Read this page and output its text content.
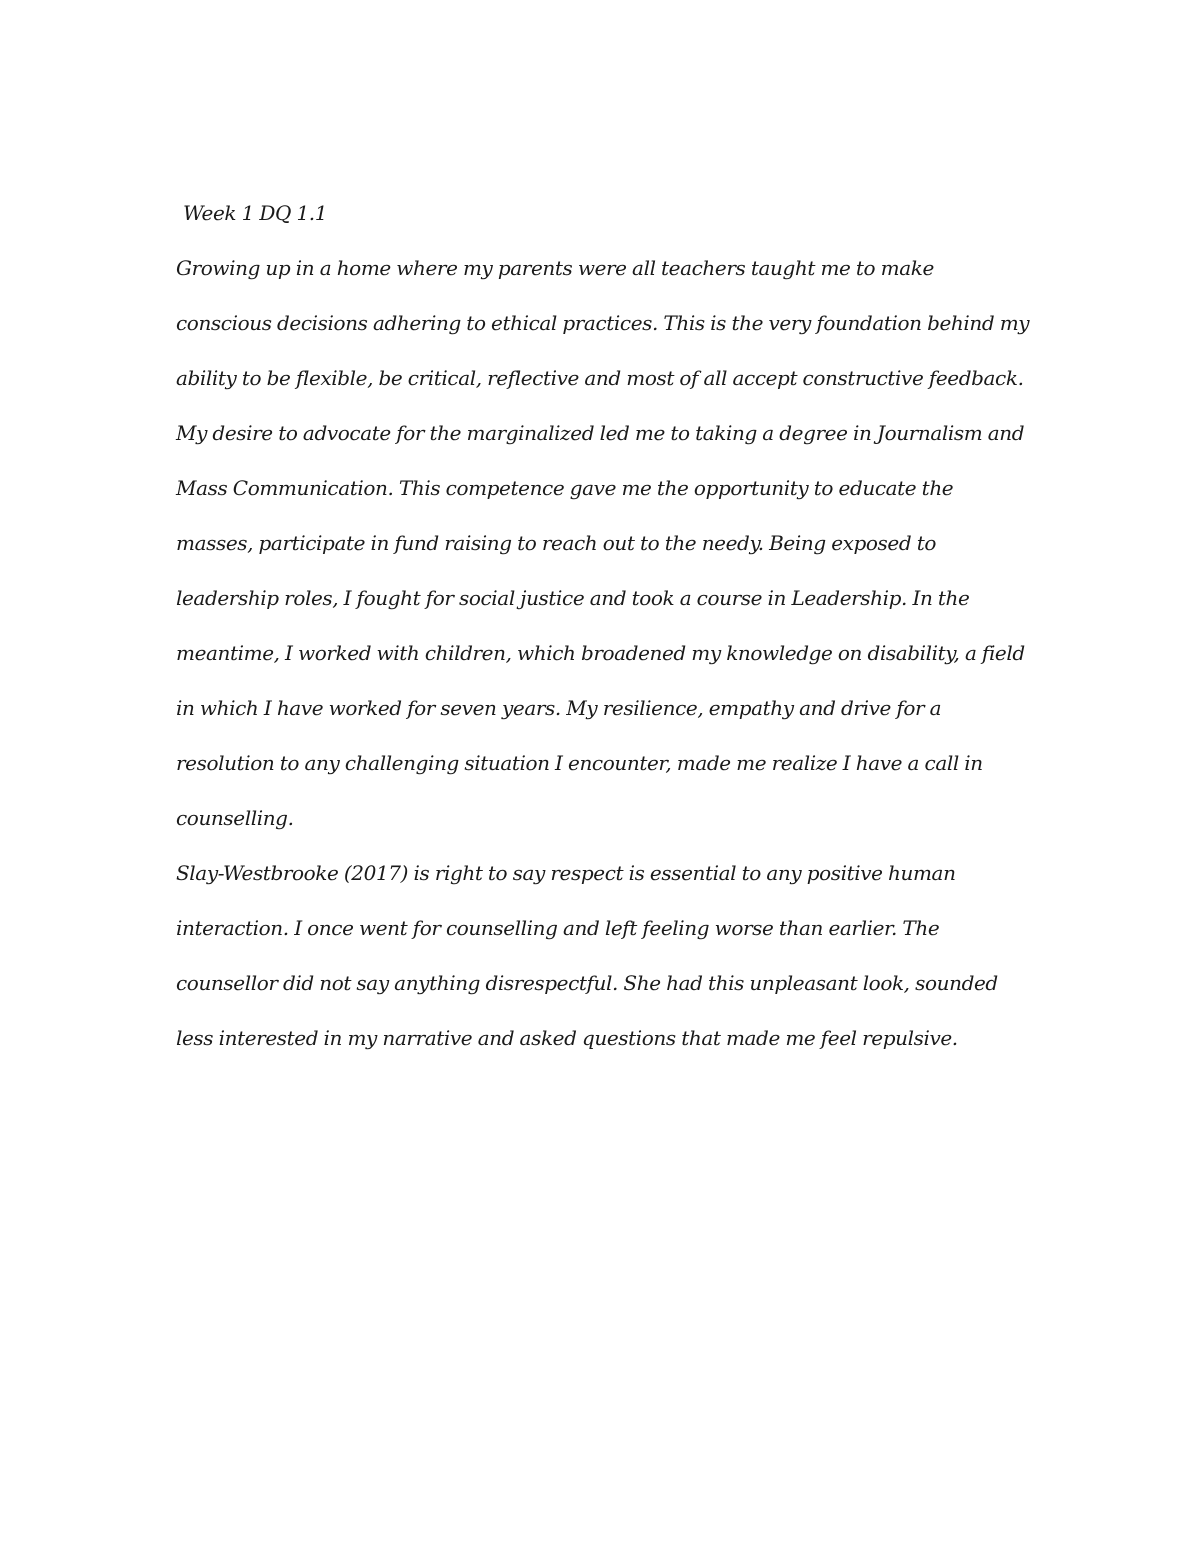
Week 1 DQ 1.1

Growing up in a home where my parents were all teachers taught me to make
conscious decisions adhering to ethical practices. This is the very foundation behind my
ability to be flexible, be critical, reflective and most of all accept constructive feedback.
My desire to advocate for the marginalized led me to taking a degree in Journalism and
Mass Communication. This competence gave me the opportunity to educate the
masses, participate in fund raising to reach out to the needy. Being exposed to
leadership roles, I fought for social justice and took a course in Leadership. In the
meantime, I worked with children, which broadened my knowledge on disability, a field
in which I have worked for seven years. My resilience, empathy and drive for a
resolution to any challenging situation I encounter, made me realize I have a call in
counselling.

Slay-Westbrooke (2017) is right to say respect is essential to any positive human
interaction. I once went for counselling and left feeling worse than earlier. The
counsellor did not say anything disrespectful. She had this unpleasant look, sounded
less interested in my narrative and asked questions that made me feel repulsive.
